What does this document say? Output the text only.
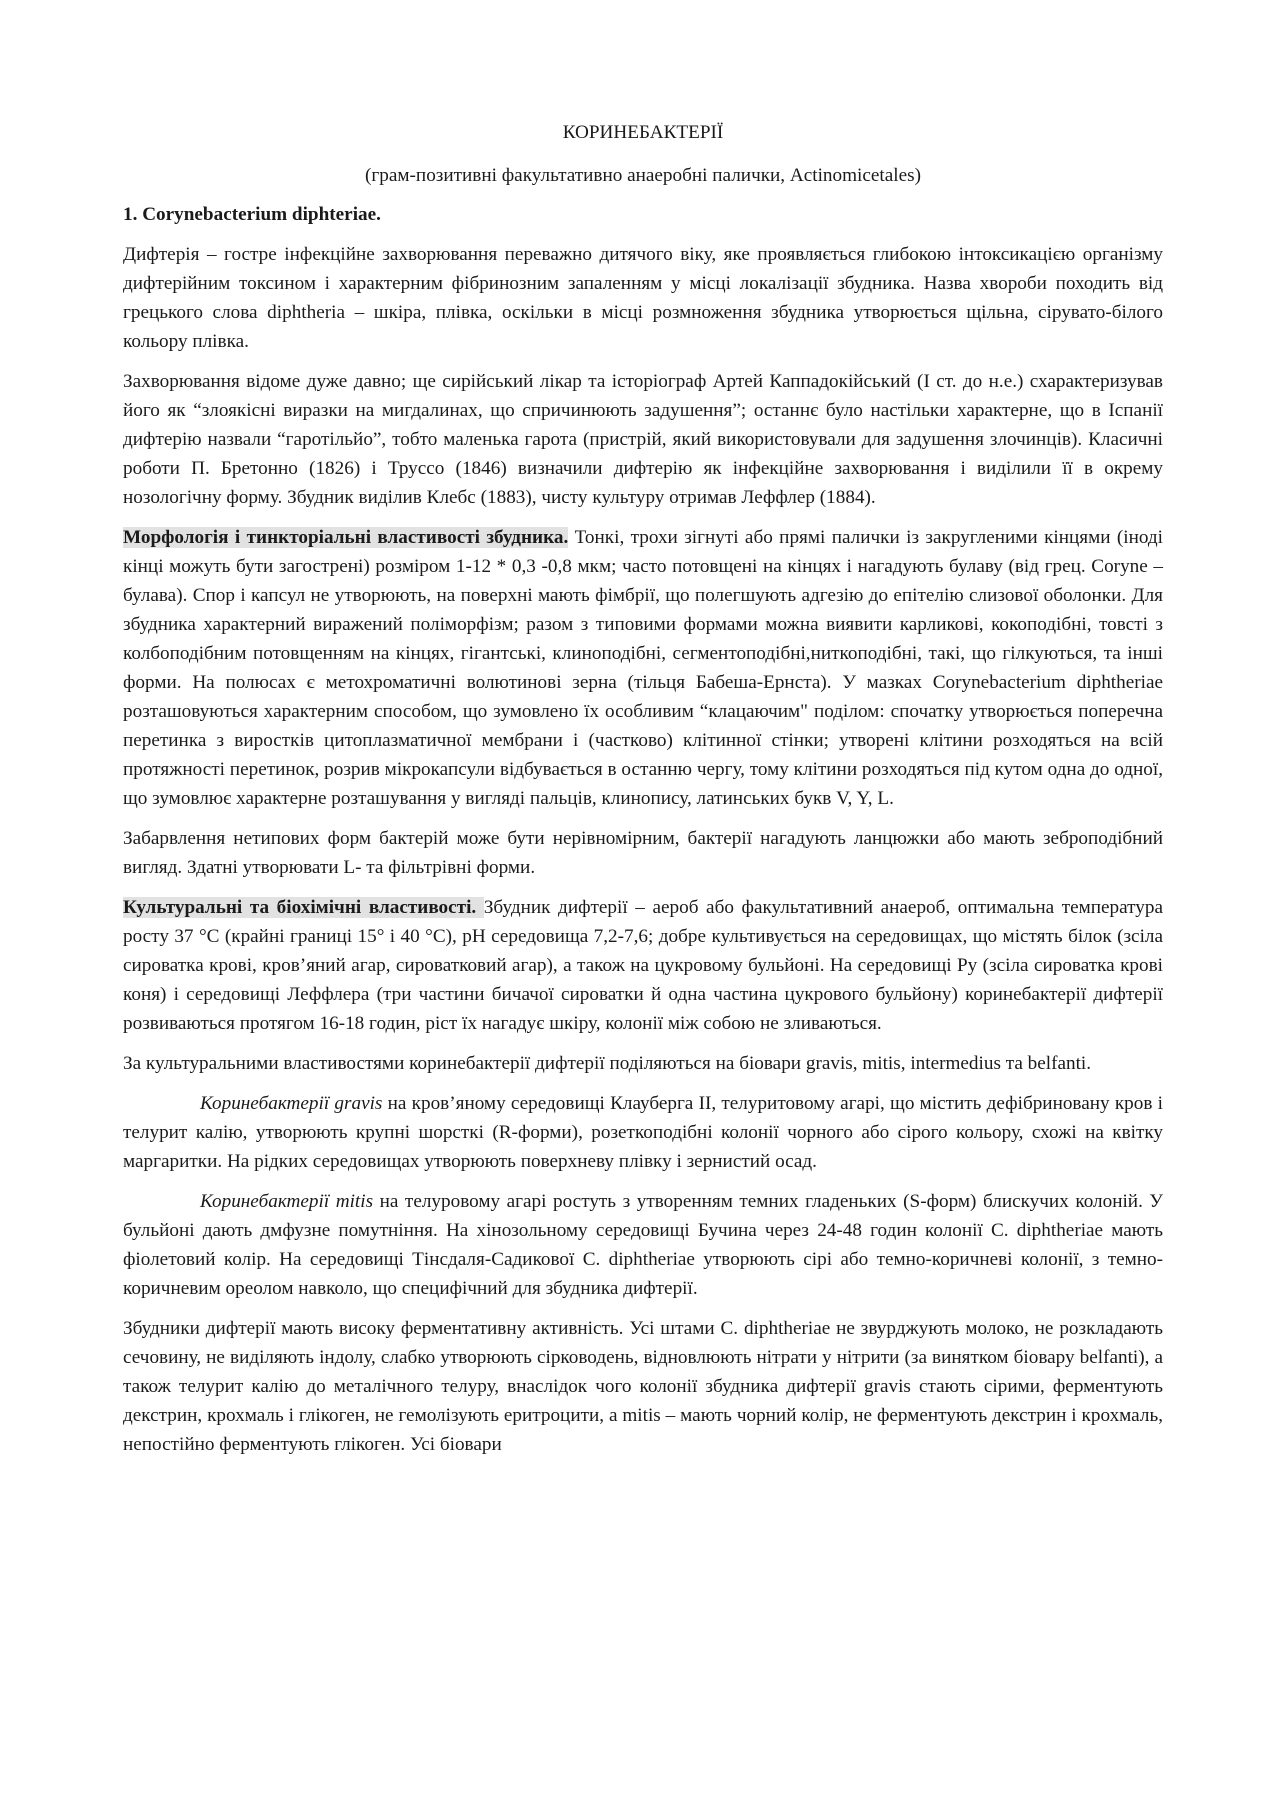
КОРИНЕБАКТЕРІЇ

(грам-позитивні факультативно анаеробні палички, Actinomicetales)

1. Corynebacterium diphteriae.

Дифтерія – гостре інфекційне захворювання переважно дитячого віку, яке проявляється глибокою інтоксикацією організму дифтерійним токсином і характерним фібринозним запаленням у місці локалізації збудника. Назва хвороби походить від грецького слова diphtheria – шкіра, плівка, оскільки в місці розмноження збудника утворюється щільна, сірувато-білого кольору плівка.

Захворювання відоме дуже давно; ще сирійський лікар та історіограф Артей Каппадокійський (І ст. до н.е.) схарактеризував його як “злоякісні виразки на мигдалинах, що спричинюють задушення”; останнє було настільки характерне, що в Іспанії дифтерію назвали “гаротільйо”, тобто маленька гарота (пристрій, який використовували для задушення злочинців). Класичні роботи П. Бретонно (1826) і Труссо (1846) визначили дифтерію як інфекційне захворювання і виділили її в окрему нозологічну форму. Збудник виділив Клебс (1883), чисту культуру отримав Леффлер (1884).

Морфологія і тинкторіальні властивості збудника. Тонкі, трохи зігнуті або прямі палички із закругленими кінцями (іноді кінці можуть бути загострені) розміром 1-12 * 0,3 -0,8 мкм; часто потовщені на кінцях і нагадують булаву (від грец. Coryne – булава). Спор і капсул не утворюють, на поверхні мають фімбрії, що полегшують адгезію до епітелію слизової оболонки. Для збудника характерний виражений поліморфізм; разом з типовими формами можна виявити карликові, кокоподібні, товсті з колбоподібним потовщенням на кінцях, гігантські, клиноподібні, сегментоподібні,ниткоподібні, такі, що гілкуються, та інші форми. На полюсах є метохроматичні волютинові зерна (тільця Бабеша-Ернста). У мазках Corynebacterium diphtheriae розташовуються характерним способом, що зумовлено їх особливим “клацаючим" поділом: спочатку утворюється поперечна перетинка з виростків цитоплазматичної мембрани і (частково) клітинної стінки; утворені клітини розходяться на всій протяжності перетинок, розрив мікрокапсули відбувається в останню чергу, тому клітини розходяться під кутом одна до одної, що зумовлює характерне розташування у вигляді пальців, клинопису, латинських букв V, Y, L.

Забарвлення нетипових форм бактерій може бути нерівномірним, бактерії нагадують ланцюжки або мають зеброподібний вигляд. Здатні утворювати L- та фільтрівні форми.

Культуральні та біохімічні властивості. Збудник дифтерії – аероб або факультативний анаероб, оптимальна температура росту 37 °С (крайні границі 15° і 40 °С), рН середовища 7,2-7,6; добре культивується на середовищах, що містять білок (зсіла сироватка крові, кров’яний агар, сироватковий агар), а також на цукровому бульйоні. На середовищі Ру (зсіла сироватка крові коня) і середовищі Леффлера (три частини бичачої сироватки й одна частина цукрового бульйону) коринебактерії дифтерії розвиваються протягом 16-18 годин, ріст їх нагадує шкіру, колонії між собою не зливаються.

За культуральними властивостями коринебактерії дифтерії поділяються на біовари gravis, mitis, intermedius та belfanti.

Коринебактерії gravis на кров’яному середовищі Клауберга II, телуритовому агарі, що містить дефібриновану кров і телурит калію, утворюють крупні шорсткі (R-форми), розеткоподібні колонії чорного або сірого кольору, схожі на квітку маргаритки. На рідких середовищах утворюють поверхневу плівку і зернистий осад.

Коринебактерії mitis на телуровому агарі ростуть з утворенням темних гладеньких (S-форм) блискучих колоній. У бульйоні дають дмфузне помутніння. На хінозольному середовищі Бучина через 24-48 годин колонії C. diphtheriae мають фіолетовий колір. На середовищі Тінсдаля-Садикової C. diphtheriae утворюють сірі або темно-коричневі колонії, з темно-коричневим ореолом навколо, що специфічний для збудника дифтерії.

Збудники дифтерії мають високу ферментативну активність. Усі штами C. diphtheriae не звурджують молоко, не розкладають сечовину, не виділяють індолу, слабко утворюють сірководень, відновлюють нітрати у нітрити (за винятком біовару belfanti), а також телурит калію до металічного телуру, внаслідок чого колонії збудника дифтерії gravis стають сірими, ферментують декстрин, крохмаль і глікоген, не гемолізують еритроцити, а mitis – мають чорний колір, не ферментують декстрин і крохмаль, непостійно ферментують глікоген. Усі біовари
